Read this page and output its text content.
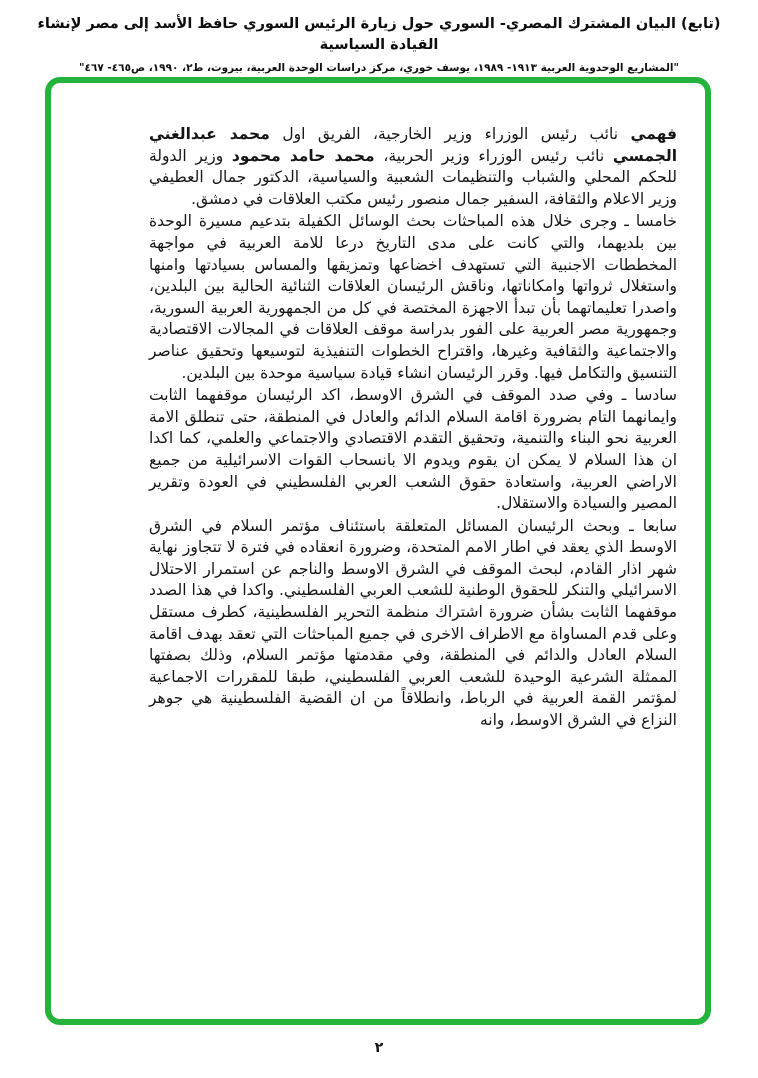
(تابع) البيان المشترك المصري- السوري حول زيارة الرئيس السوري حافظ الأسد إلى مصر لإنشاء القيادة السياسية
"المشاريع الوحدوية العربية ١٩١٣- ١٩٨٩، يوسف خوري، مركز دراسات الوحدة العربية، بيروت، ط٢، ١٩٩٠، ص٤٦٥- ٤٦٧"

فهمي نائب رئيس الوزراء وزير الخارجية، الفريق اول محمد عبدالغني الجمسي نائب رئيس الوزراء وزير الحربية، محمد حامد محمود وزير الدولة للحكم المحلي والشباب والتنظيمات الشعبية والسياسية، الدكتور جمال العطيفي وزير الاعلام والثقافة، السفير جمال منصور رئيس مكتب العلاقات في دمشق.

خامسا ـ وجرى خلال هذه المباحثات بحث الوسائل الكفيلة بتدعيم مسيرة الوحدة بين بلديهما، والتي كانت على مدى التاريخ درعا للامة العربية في مواجهة المخططات الاجنبية التي تستهدف اخضاعها وتمزيقها والمساس بسيادتها وامنها واستغلال ثرواتها وامكاناتها، وناقش الرئيسان العلاقات الثنائية الحالية بين البلدين، واصدرا تعليماتهما بأن تبدأ الاجهزة المختصة في كل من الجمهورية العربية السورية، وجمهورية مصر العربية على الفور بدراسة موقف العلاقات في المجالات الاقتصادية والاجتماعية والثقافية وغيرها، واقتراح الخطوات التنفيذية لتوسيعها وتحقيق عناصر التنسيق والتكامل فيها. وقرر الرئيسان انشاء قيادة سياسية موحدة بين البلدين.

سادسا ـ وفي صدد الموقف في الشرق الاوسط، اكد الرئيسان موقفهما الثابت وايمانهما التام بضرورة اقامة السلام الدائم والعادل في المنطقة، حتى تنطلق الامة العربية نحو البناء والتنمية، وتحقيق التقدم الاقتصادي والاجتماعي والعلمي، كما اكدا ان هذا السلام لا يمكن ان يقوم ويدوم الا بانسحاب القوات الاسرائيلية من جميع الاراضي العربية، واستعادة حقوق الشعب العربي الفلسطيني في العودة وتقرير المصير والسيادة والاستقلال.

سابعا ـ وبحث الرئيسان المسائل المتعلقة باستئناف مؤتمر السلام في الشرق الاوسط الذي يعقد في اطار الامم المتحدة، وضرورة انعقاده في فترة لا تتجاوز نهاية شهر اذار القادم، لبحث الموقف في الشرق الاوسط والناجم عن استمرار الاحتلال الاسرائيلي والتنكر للحقوق الوطنية للشعب العربي الفلسطيني. واكدا في هذا الصدد موقفهما الثابت بشأن ضرورة اشتراك منظمة التحرير الفلسطينية، كطرف مستقل وعلى قدم المساواة مع الاطراف الاخرى في جميع المباحثات التي تعقد بهدف اقامة السلام العادل والدائم في المنطقة، وفي مقدمتها مؤتمر السلام، وذلك بصفتها الممثلة الشرعية الوحيدة للشعب العربي الفلسطيني، طبقا للمقررات الاجماعية لمؤتمر القمة العربية في الرباط، وانطلاقاً من ان القضية الفلسطينية هي جوهر النزاع في الشرق الاوسط، وانه

٢
